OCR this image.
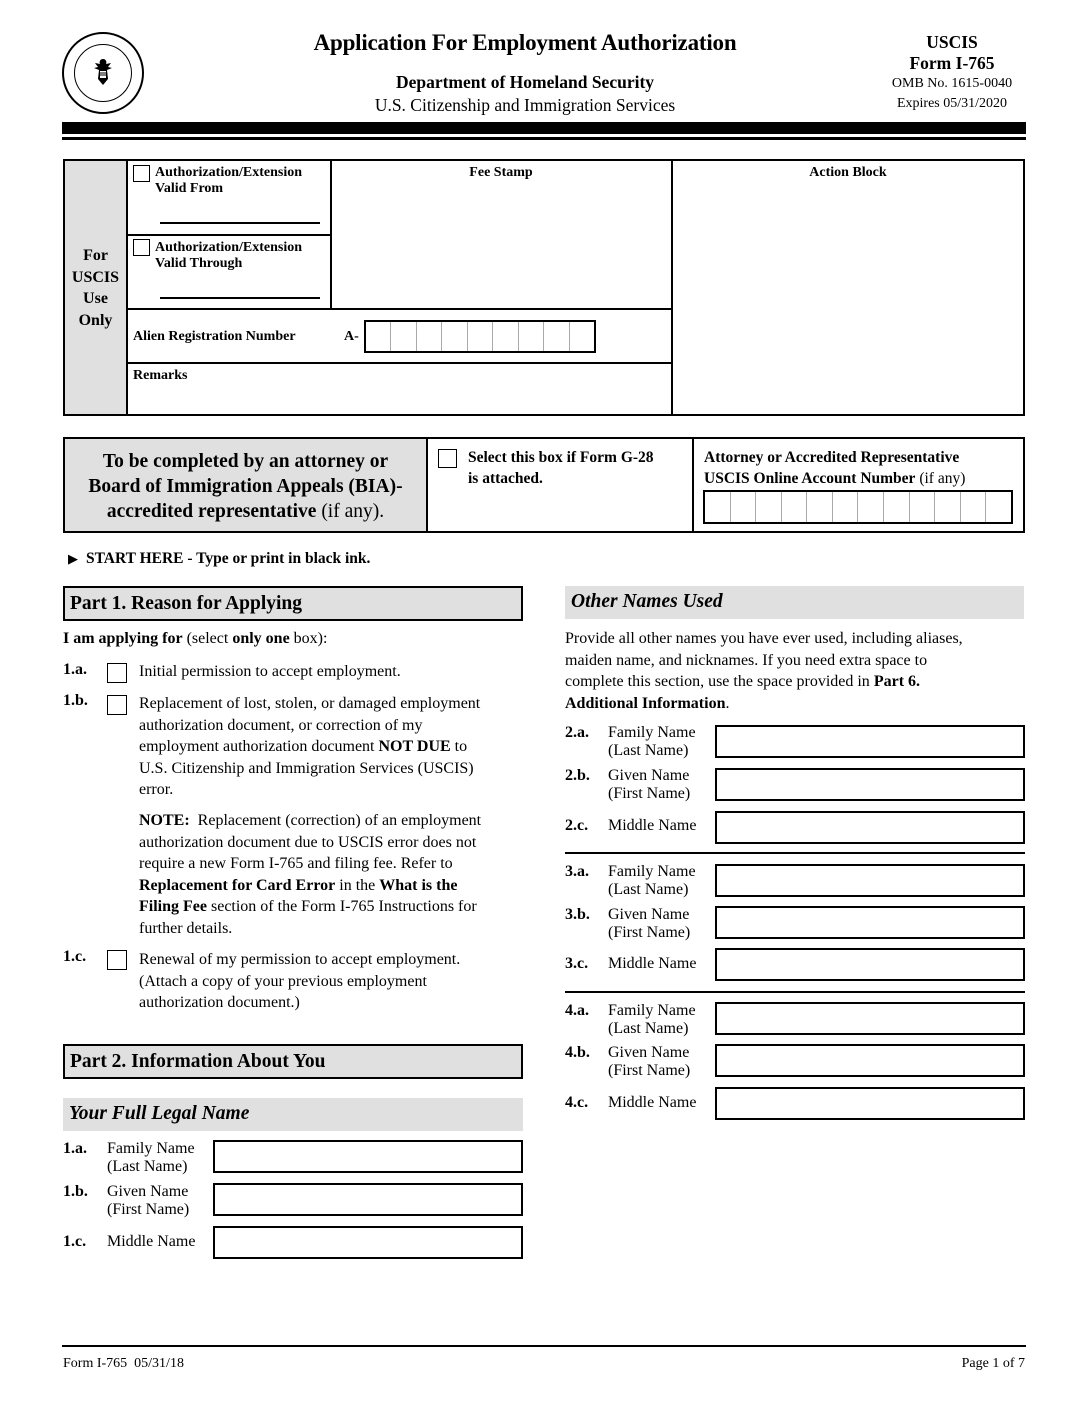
Application For Employment Authorization
Department of Homeland Security
U.S. Citizenship and Immigration Services
USCIS
Form I-765
OMB No. 1615-0040
Expires 05/31/2020
For
USCIS
Use
Only
Authorization/Extension
Valid From
Authorization/Extension
Valid Through
Fee Stamp	Action Block
Alien Registration Number	A-
Remarks
To be completed by an attorney or
Board of Immigration Appeals (BIA)-
accredited representative (if any).
Select this box if Form G-28
is attached.
Attorney or Accredited Representative
USCIS Online Account Number (if any)
▶ START HERE - Type or print in black ink.
Part 1. Reason for Applying
I am applying for (select only one box):
1.a.	Initial permission to accept employment.
1.b.	Replacement of lost, stolen, or damaged employment
authorization document, or correction of my
employment authorization document NOT DUE to
U.S. Citizenship and Immigration Services (USCIS)
error.
NOTE:  Replacement (correction) of an employment
authorization document due to USCIS error does not
require a new Form I-765 and filing fee. Refer to
Replacement for Card Error in the What is the
Filing Fee section of the Form I-765 Instructions for
further details.
1.c.	Renewal of my permission to accept employment.
(Attach a copy of your previous employment
authorization document.)
Part 2. Information About You
Your Full Legal Name
1.a. Family Name
(Last Name)
1.b. Given Name
(First Name)
1.c. Middle Name
Other Names Used
Provide all other names you have ever used, including aliases,
maiden name, and nicknames. If you need extra space to
complete this section, use the space provided in Part 6.
Additional Information.
2.a. Family Name
(Last Name)
2.b. Given Name
(First Name)
2.c. Middle Name
3.a. Family Name
(Last Name)
3.b. Given Name
(First Name)
3.c. Middle Name
4.a. Family Name
(Last Name)
4.b. Given Name
(First Name)
4.c. Middle Name
Form I-765  05/31/18	Page 1 of 7
